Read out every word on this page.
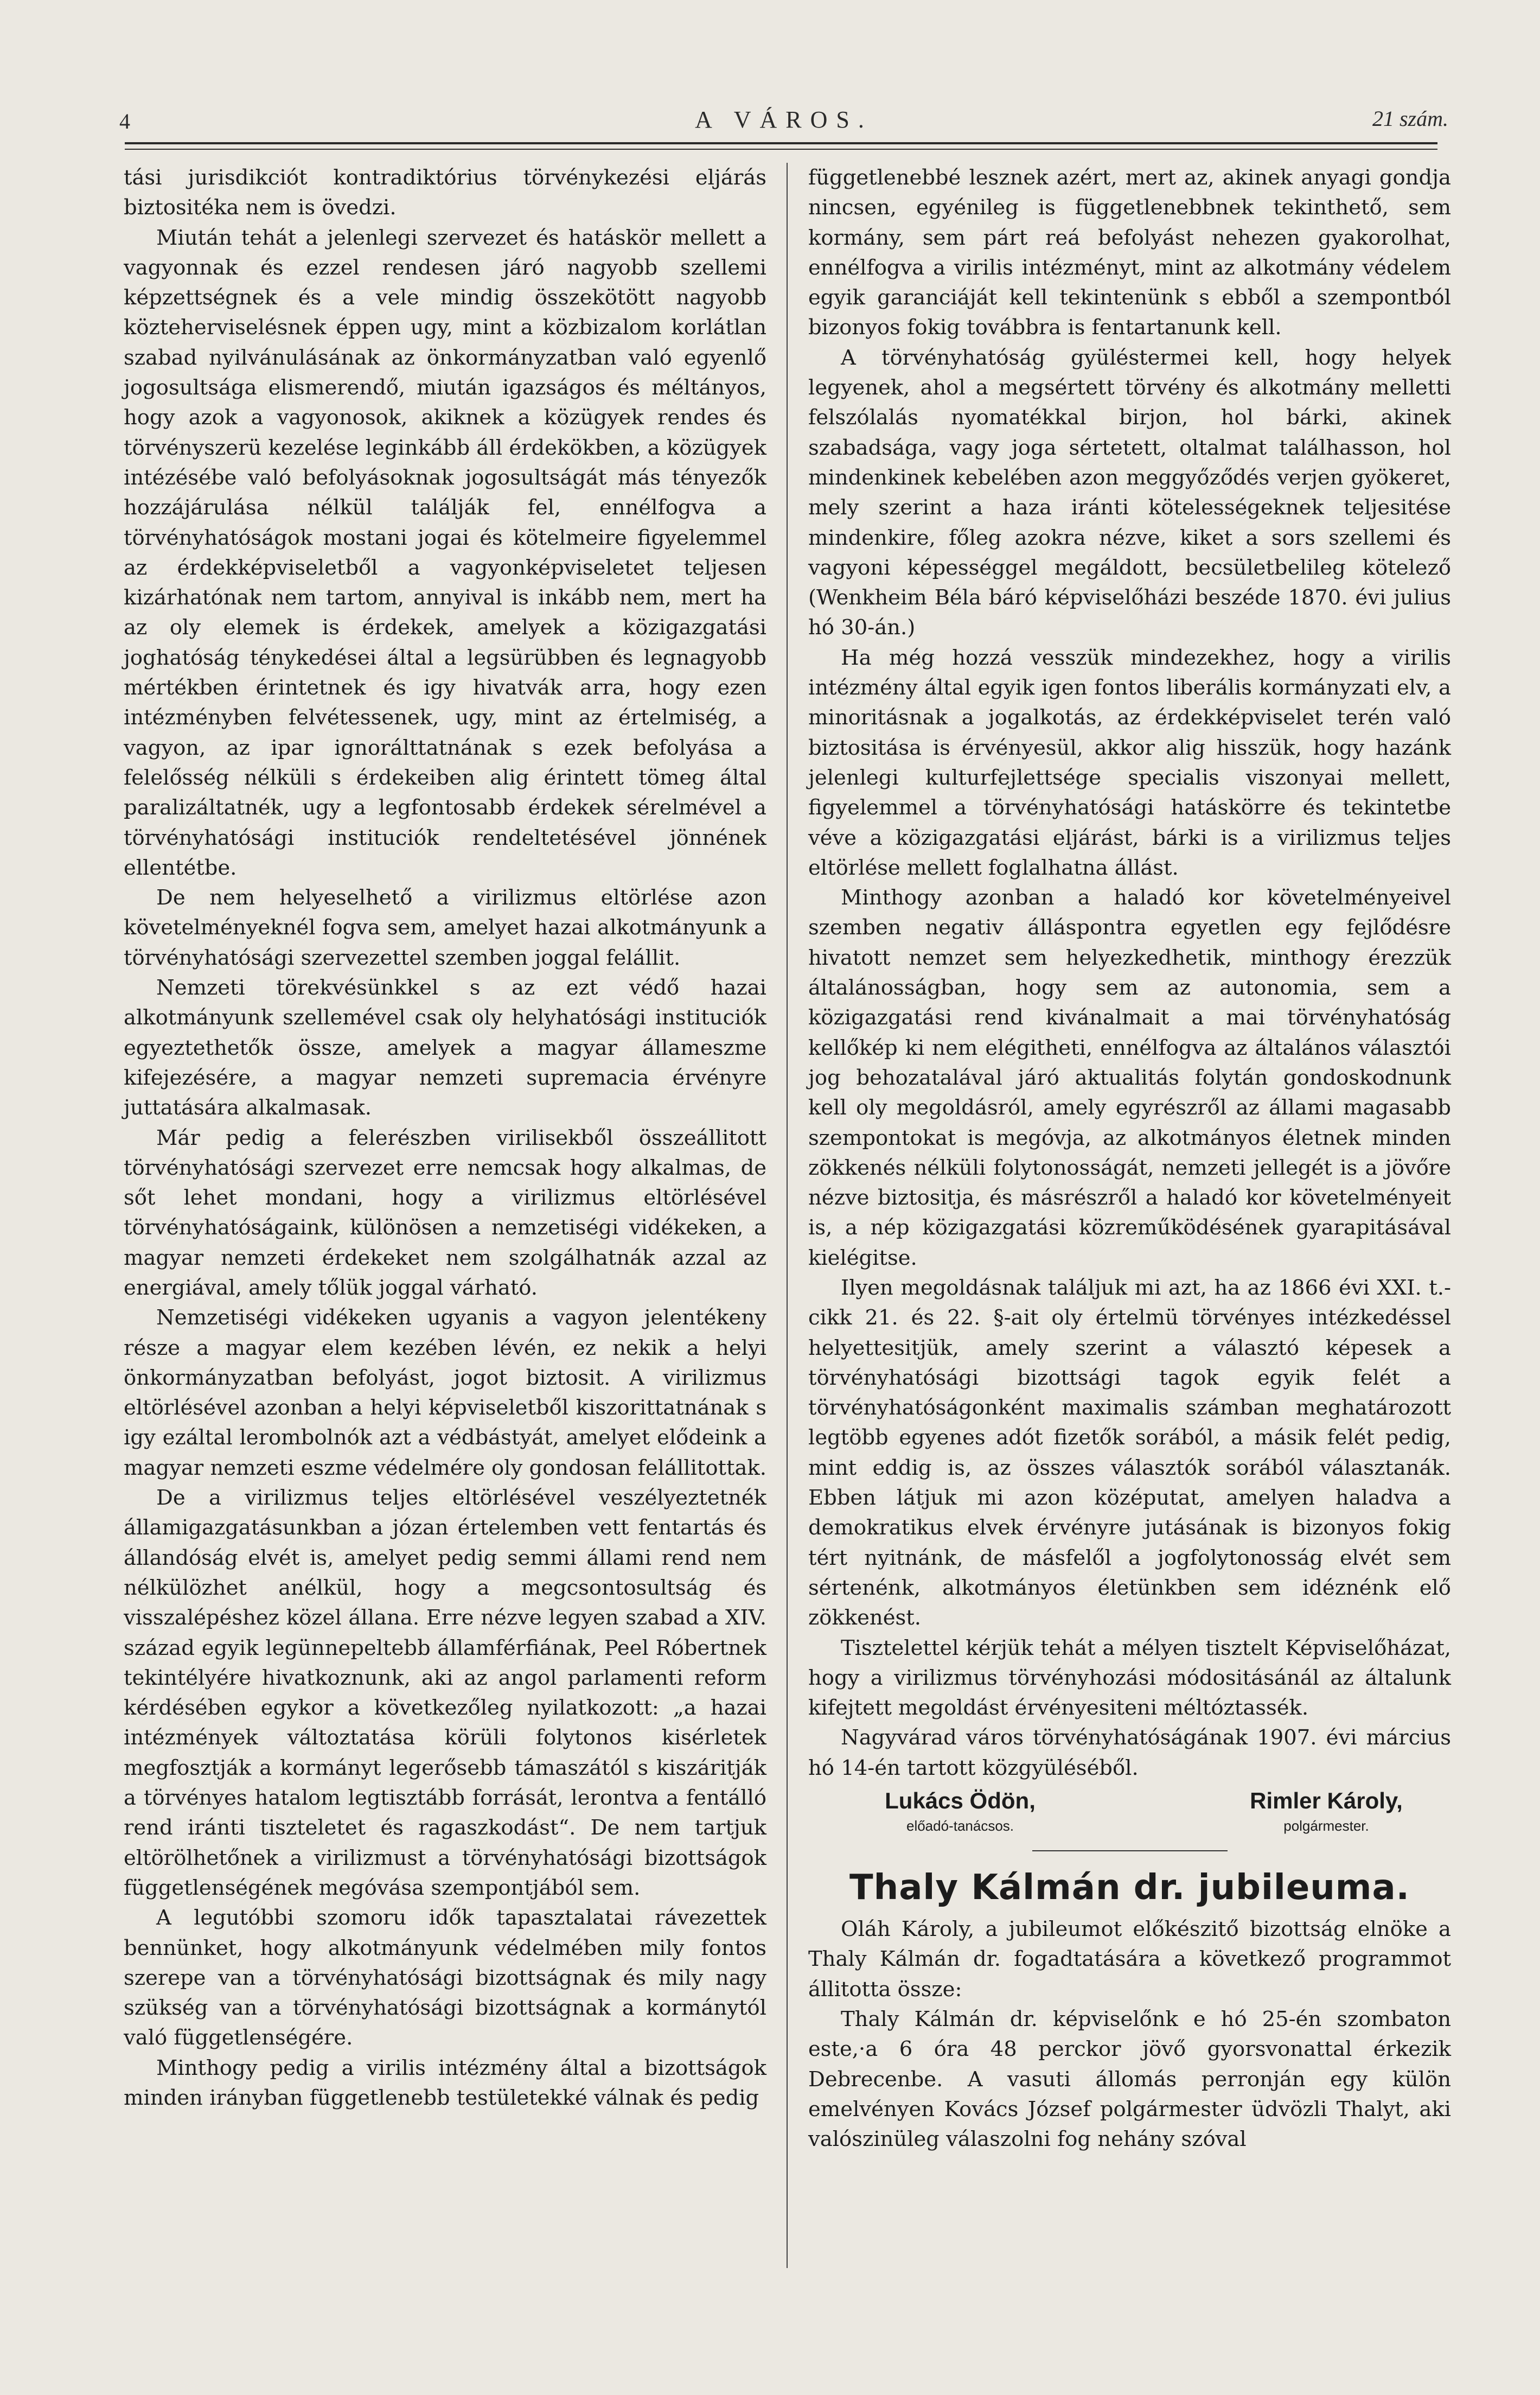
4	A VÁROS.	21 szám.

tási jurisdikciót kontradiktórius törvénykezési eljárás biztositéka nem is övedzi.

Miután tehát a jelenlegi szervezet és hatáskör mellett a vagyonnak és ezzel rendesen járó nagyobb szellemi képzettségnek és a vele mindig összekötött nagyobb közteherviselésnek éppen ugy, mint a közbizalom korlátlan szabad nyilvánulásának az önkormányzatban való egyenlő jogosultsága elismerendő, miután igazságos és méltányos, hogy azok a vagyonosok, akiknek a közügyek rendes és törvényszerü kezelése leginkább áll érdekökben, a közügyek intézésébe való befolyásoknak jogosultságát más tényezők hozzájárulása nélkül találják fel, ennélfogva a törvényhatóságok mostani jogai és kötelmeire figyelemmel az érdekképviseletből a vagyonképviseletet teljesen kizárhatónak nem tartom, annyival is inkább nem, mert ha az oly elemek is érdekek, amelyek a közigazgatási joghatóság ténykedései által a legsürübben és legnagyobb mértékben érintetnek és igy hivatvák arra, hogy ezen intézményben felvétessenek, ugy, mint az értelmiség, a vagyon, az ipar ignorálttatnának s ezek befolyása a felelősség nélküli s érdekeiben alig érintett tömeg által paralizáltatnék, ugy a legfontosabb érdekek sérelmével a törvényhatósági instituciók rendeltetésével jönnének ellentétbe.

De nem helyeselhető a virilizmus eltörlése azon követelményeknél fogva sem, amelyet hazai alkotmányunk a törvényhatósági szervezettel szemben joggal felállit.

Nemzeti törekvésünkkel s az ezt védő hazai alkotmányunk szellemével csak oly helyhatósági instituciók egyeztethetők össze, amelyek a magyar állameszme kifejezésére, a magyar nemzeti supremacia érvényre juttatására alkalmasak.

Már pedig a felerészben virilisekből összeállitott törvényhatósági szervezet erre nemcsak hogy alkalmas, de sőt lehet mondani, hogy a virilizmus eltörlésével törvényhatóságaink, különösen a nemzetiségi vidékeken, a magyar nemzeti érdekeket nem szolgálhatnák azzal az energiával, amely tőlük joggal várható.

Nemzetiségi vidékeken ugyanis a vagyon jelentékeny része a magyar elem kezében lévén, ez nekik a helyi önkormányzatban befolyást, jogot biztosit. A virilizmus eltörlésével azonban a helyi képviseletből kiszorittatnának s igy ezáltal lerombolnók azt a védbástyát, amelyet elődeink a magyar nemzeti eszme védelmére oly gondosan felállitottak.

De a virilizmus teljes eltörlésével veszélyeztetnék államigazgatásunkban a józan értelemben vett fentartás és állandóság elvét is, amelyet pedig semmi állami rend nem nélkülözhet anélkül, hogy a megcsontosultság és visszalépéshez közel állana. Erre nézve legyen szabad a XIV. század egyik legünnepeltebb államférfiának, Peel Róbertnek tekintélyére hivatkoznunk, aki az angol parlamenti reform kérdésében egykor a következőleg nyilatkozott: „a hazai intézmények változtatása körüli folytonos kisérletek megfosztják a kormányt legerősebb támaszától s kiszáritják a törvényes hatalom legtisztább forrását, lerontva a fentálló rend iránti tiszteletet és ragaszkodást“. De nem tartjuk eltörölhetőnek a virilizmust a törvényhatósági bizottságok függetlenségének megóvása szempontjából sem.

A legutóbbi szomoru idők tapasztalatai rávezettek bennünket, hogy alkotmányunk védelmében mily fontos szerepe van a törvényhatósági bizottságnak és mily nagy szükség van a törvényhatósági bizottságnak a kormánytól való függetlenségére.

Minthogy pedig a virilis intézmény által a bizottságok minden irányban függetlenebb testületekké válnak és pedig

függetlenebbé lesznek azért, mert az, akinek anyagi gondja nincsen, egyénileg is függetlenebbnek tekinthető, sem kormány, sem párt reá befolyást nehezen gyakorolhat, ennélfogva a virilis intézményt, mint az alkotmány védelem egyik garanciáját kell tekintenünk s ebből a szempontból bizonyos fokig továbbra is fentartanunk kell.

A törvényhatóság gyüléstermei kell, hogy helyek legyenek, ahol a megsértett törvény és alkotmány melletti felszólalás nyomatékkal birjon, hol bárki, akinek szabadsága, vagy joga sértetett, oltalmat találhasson, hol mindenkinek kebelében azon meggyőződés verjen gyökeret, mely szerint a haza iránti kötelességeknek teljesitése mindenkire, főleg azokra nézve, kiket a sors szellemi és vagyoni képességgel megáldott, becsületbelileg kötelező (Wenkheim Béla báró képviselőházi beszéde 1870. évi julius hó 30-án.)

Ha még hozzá vesszük mindezekhez, hogy a virilis intézmény által egyik igen fontos liberális kormányzati elv, a minoritásnak a jogalkotás, az érdekképviselet terén való biztositása is érvényesül, akkor alig hisszük, hogy hazánk jelenlegi kulturfejlettsége specialis viszonyai mellett, figyelemmel a törvényhatósági hatáskörre és tekintetbe véve a közigazgatási eljárást, bárki is a virilizmus teljes eltörlése mellett foglalhatna állást.

Minthogy azonban a haladó kor követelményeivel szemben negativ álláspontra egyetlen egy fejlődésre hivatott nemzet sem helyezkedhetik, minthogy érezzük általánosságban, hogy sem az autonomia, sem a közigazgatási rend kivánalmait a mai törvényhatóság kellőkép ki nem elégitheti, ennélfogva az általános választói jog behozatalával járó aktualitás folytán gondoskodnunk kell oly megoldásról, amely egyrészről az állami magasabb szempontokat is megóvja, az alkotmányos életnek minden zökkenés nélküli folytonosságát, nemzeti jellegét is a jövőre nézve biztositja, és másrészről a haladó kor követelményeit is, a nép közigazgatási közreműködésének gyarapitásával kielégitse.

Ilyen megoldásnak találjuk mi azt, ha az 1866 évi XXI. t.-cikk 21. és 22. §-ait oly értelmü törvényes intézkedéssel helyettesitjük, amely szerint a választó képesek a törvényhatósági bizottsági tagok egyik felét a törvényhatóságonként maximalis számban meghatározott legtöbb egyenes adót fizetők sorából, a másik felét pedig, mint eddig is, az összes választók sorából választanák. Ebben látjuk mi azon középutat, amelyen haladva a demokratikus elvek érvényre jutásának is bizonyos fokig tért nyitnánk, de másfelől a jogfolytonosság elvét sem sértenénk, alkotmányos életünkben sem idéznénk elő zökkenést.

Tisztelettel kérjük tehát a mélyen tisztelt Képviselőházat, hogy a virilizmus törvényhozási módositásánál az általunk kifejtett megoldást érvényesiteni méltóztassék.

Nagyvárad város törvényhatóságának 1907. évi március hó 14-én tartott közgyüléséből.

Lukács Ödön,
előadó-tanácsos.
Rimler Károly,
polgármester.
Thaly Kálmán dr. jubileuma.

Oláh Károly, a jubileumot előkészitő bizottság elnöke a Thaly Kálmán dr. fogadtatására a következő programmot állitotta össze:

Thaly Kálmán dr. képviselőnk e hó 25-én szombaton este,·a 6 óra 48 perckor jövő gyorsvonattal érkezik Debrecenbe. A vasuti állomás perronján egy külön emelvényen Kovács József polgármester üdvözli Thalyt, aki valószinüleg válaszolni fog nehány szóval
